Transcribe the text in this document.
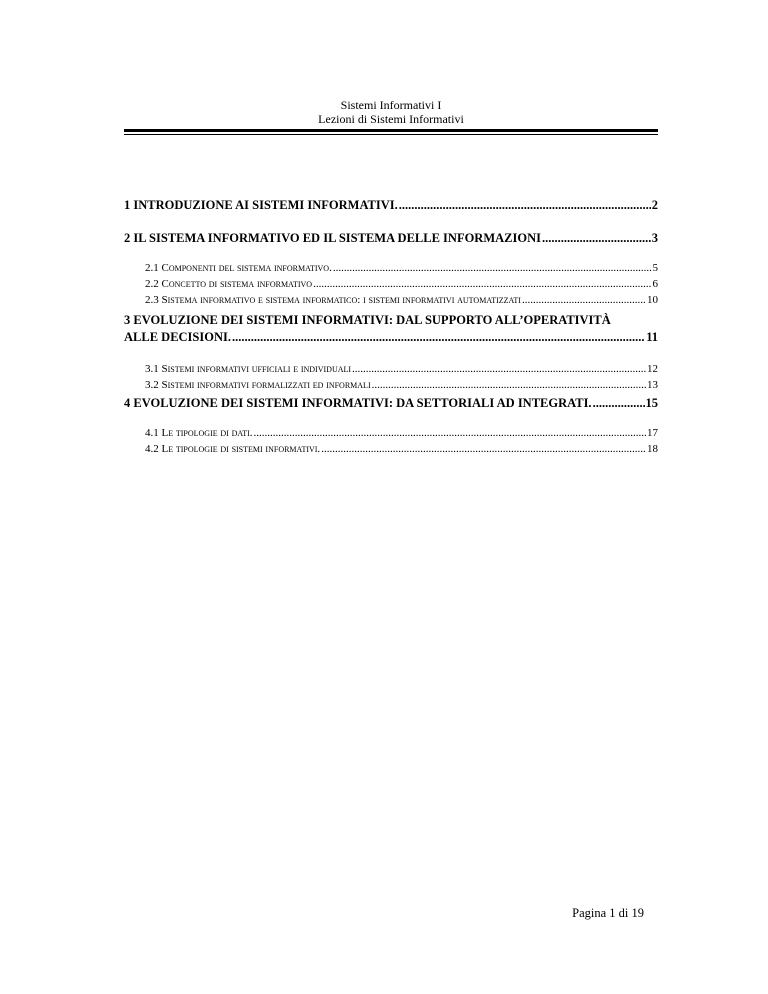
Sistemi Informativi I
Lezioni di Sistemi Informativi
1 INTRODUZIONE AI SISTEMI INFORMATIVI. .....	2
2 IL SISTEMA INFORMATIVO ED IL SISTEMA DELLE INFORMAZIONI .....	3
2.1 Componenti del sistema informativo. .....	5
2.2 Concetto di sistema informativo .....	6
2.3 Sistema informativo e sistema informatico: i sistemi informativi automatizzati .....	10
3 EVOLUZIONE DEI SISTEMI INFORMATIVI: DAL SUPPORTO ALL’OPERATIVITÀ
ALLE DECISIONI. .....	11
3.1 Sistemi informativi ufficiali e individuali .....	12
3.2 Sistemi informativi formalizzati ed informali .....	13
4 EVOLUZIONE DEI SISTEMI INFORMATIVI: DA SETTORIALI AD INTEGRATI. .....	15
4.1 Le tipologie di dati. .....	17
4.2 Le tipologie di sistemi informativi. .....	18
Pagina 1 di 19
